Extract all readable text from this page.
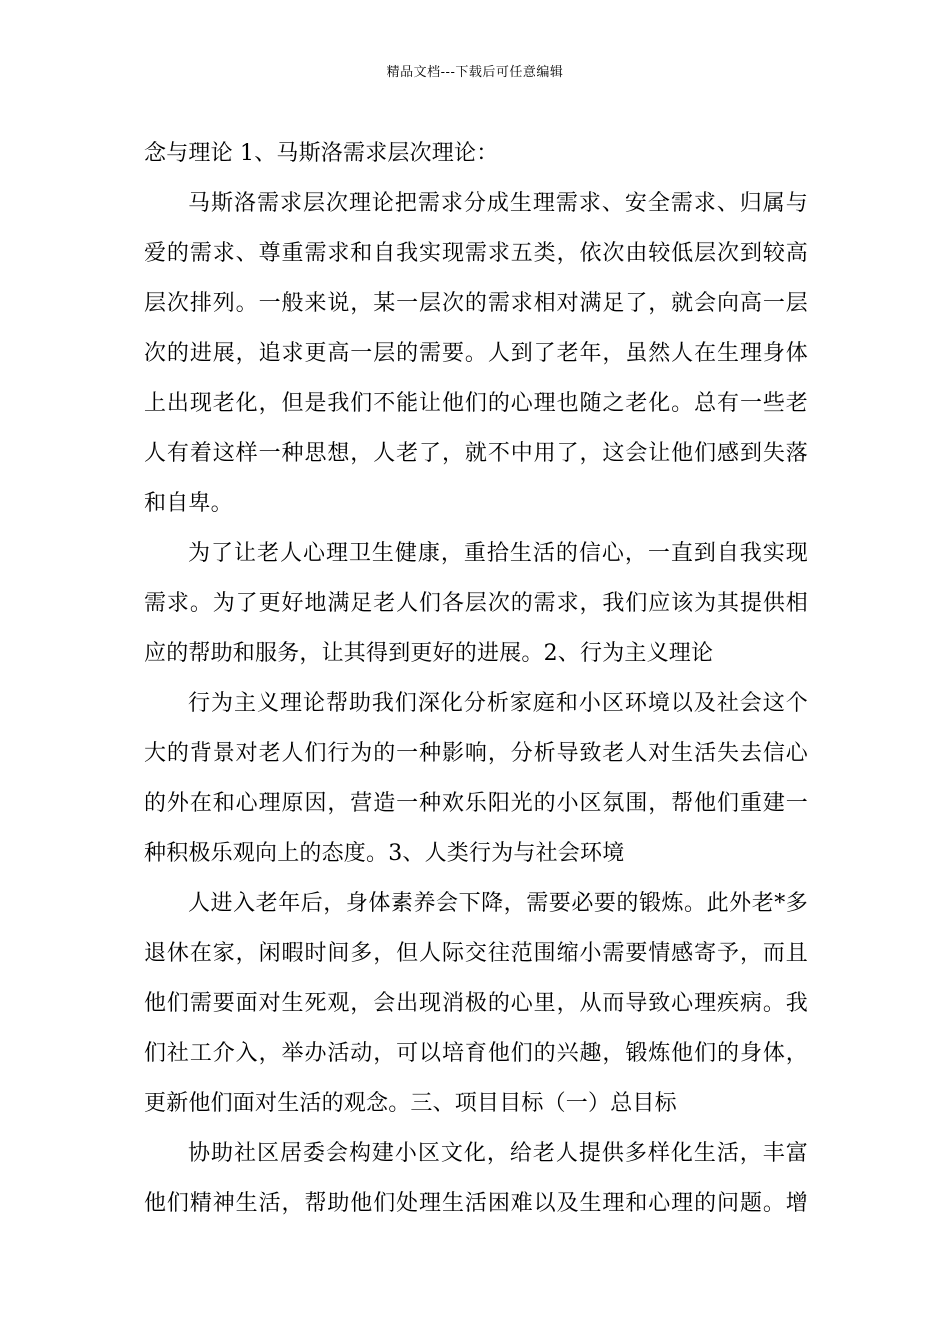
精品文档---下载后可任意编辑
念与理论 1、马斯洛需求层次理论：
马斯洛需求层次理论把需求分成生理需求、安全需求、归属与
爱的需求、尊重需求和自我实现需求五类，依次由较低层次到较高
层次排列。一般来说，某一层次的需求相对满足了，就会向高一层
次的进展，追求更高一层的需要。人到了老年，虽然人在生理身体
上出现老化，但是我们不能让他们的心理也随之老化。总有一些老
人有着这样一种思想，人老了，就不中用了，这会让他们感到失落
和自卑。
为了让老人心理卫生健康，重拾生活的信心，一直到自我实现
需求。为了更好地满足老人们各层次的需求，我们应该为其提供相
应的帮助和服务，让其得到更好的进展。2、行为主义理论
行为主义理论帮助我们深化分析家庭和小区环境以及社会这个
大的背景对老人们行为的一种影响，分析导致老人对生活失去信心
的外在和心理原因，营造一种欢乐阳光的小区氛围，帮他们重建一
种积极乐观向上的态度。3、人类行为与社会环境
人进入老年后，身体素养会下降，需要必要的锻炼。此外老*多
退休在家，闲暇时间多，但人际交往范围缩小需要情感寄予，而且
他们需要面对生死观，会出现消极的心里，从而导致心理疾病。我
们社工介入，举办活动，可以培育他们的兴趣，锻炼他们的身体，
更新他们面对生活的观念。三、项目目标（一）总目标
协助社区居委会构建小区文化，给老人提供多样化生活，丰富
他们精神生活，帮助他们处理生活困难以及生理和心理的问题。增
